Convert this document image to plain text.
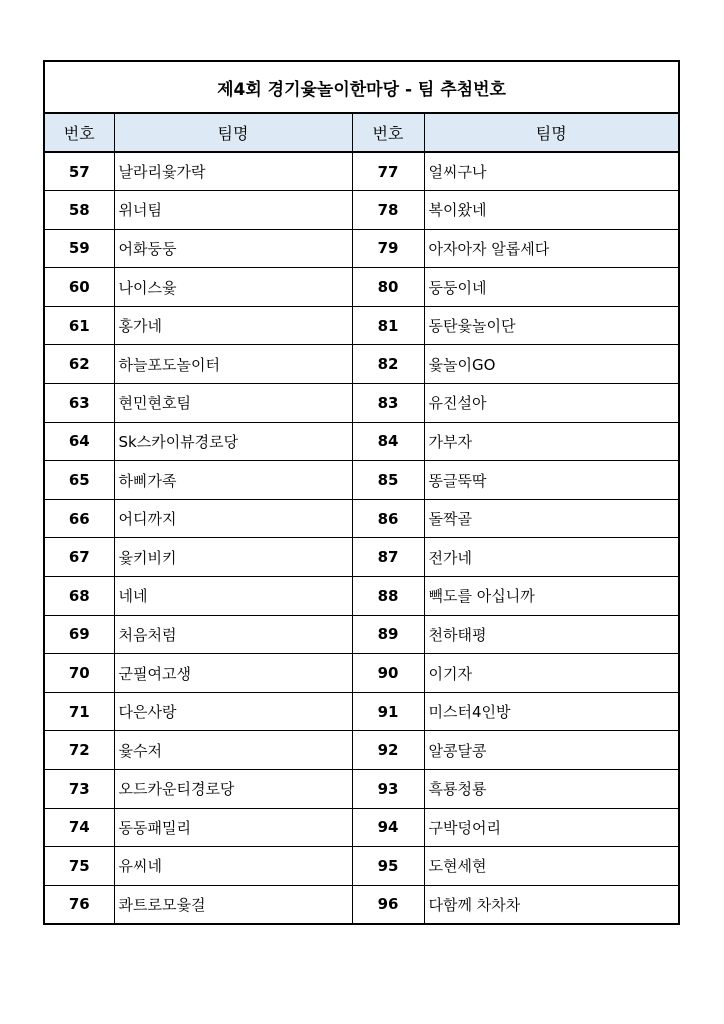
제4회 경기윷놀이한마당 - 팀 추첨번호			
번호	팀명	번호	팀명
57	날라리윷가락	77	얼씨구나
58	위너팀	78	복이왔네
59	어화둥둥	79	아자아자 알롭세다
60	나이스윷	80	둥둥이네
61	홍가네	81	동탄윷놀이단
62	하늘포도놀이터	82	윷놀이GO
63	현민현호팀	83	유진설아
64	Sk스카이뷰경로당	84	가부자
65	하삐가족	85	똥글뚝딱
66	어디까지	86	돌짝골
67	윷키비키	87	전가네
68	네네	88	빽도를 아십니까
69	처음처럼	89	천하태평
70	군필여고생	90	이기자
71	다은사랑	91	미스터4인방
72	윷수저	92	알콩달콩
73	오드카운티경로당	93	흑룡청룡
74	동동패밀리	94	구박덩어리
75	유씨네	95	도현세현
76	콰트로모윷걸	96	다함께 차차차
